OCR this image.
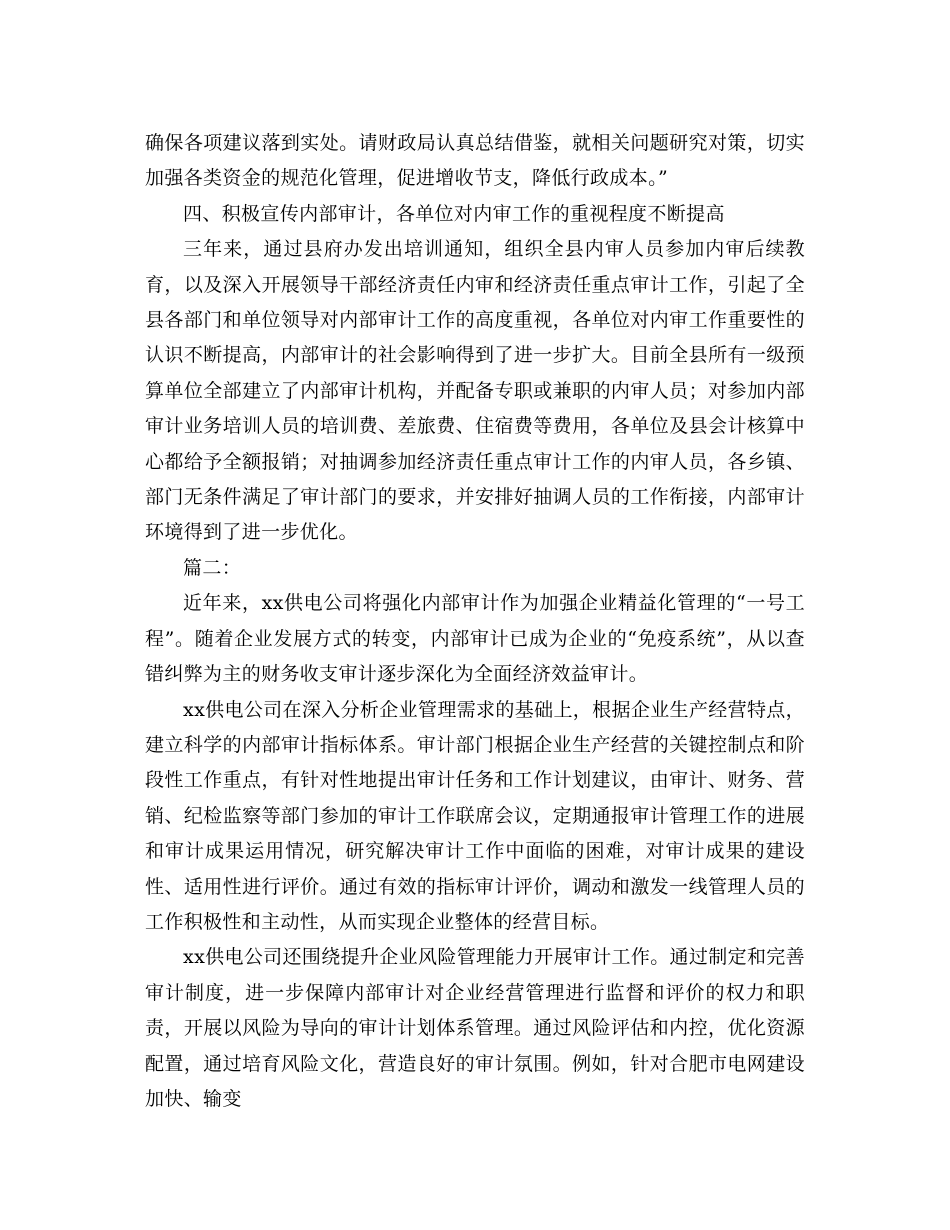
确保各项建议落到实处。请财政局认真总结借鉴，就相关问题研究对策，切实加强各类资金的规范化管理，促进增收节支，降低行政成本。”

四、积极宣传内部审计，各单位对内审工作的重视程度不断提高

三年来，通过县府办发出培训通知，组织全县内审人员参加内审后续教育，以及深入开展领导干部经济责任内审和经济责任重点审计工作，引起了全县各部门和单位领导对内部审计工作的高度重视，各单位对内审工作重要性的认识不断提高，内部审计的社会影响得到了进一步扩大。目前全县所有一级预算单位全部建立了内部审计机构，并配备专职或兼职的内审人员；对参加内部审计业务培训人员的培训费、差旅费、住宿费等费用，各单位及县会计核算中心都给予全额报销；对抽调参加经济责任重点审计工作的内审人员，各乡镇、部门无条件满足了审计部门的要求，并安排好抽调人员的工作衔接，内部审计环境得到了进一步优化。

篇二：

近年来，xx供电公司将强化内部审计作为加强企业精益化管理的“一号工程”。随着企业发展方式的转变，内部审计已成为企业的“免疫系统”，从以查错纠弊为主的财务收支审计逐步深化为全面经济效益审计。

xx供电公司在深入分析企业管理需求的基础上，根据企业生产经营特点，建立科学的内部审计指标体系。审计部门根据企业生产经营的关键控制点和阶段性工作重点，有针对性地提出审计任务和工作计划建议，由审计、财务、营销、纪检监察等部门参加的审计工作联席会议，定期通报审计管理工作的进展和审计成果运用情况，研究解决审计工作中面临的困难，对审计成果的建设性、适用性进行评价。通过有效的指标审计评价，调动和激发一线管理人员的工作积极性和主动性，从而实现企业整体的经营目标。

xx供电公司还围绕提升企业风险管理能力开展审计工作。通过制定和完善审计制度，进一步保障内部审计对企业经营管理进行监督和评价的权力和职责，开展以风险为导向的审计计划体系管理。通过风险评估和内控，优化资源配置，通过培育风险文化，营造良好的审计氛围。例如，针对合肥市电网建设加快、输变
